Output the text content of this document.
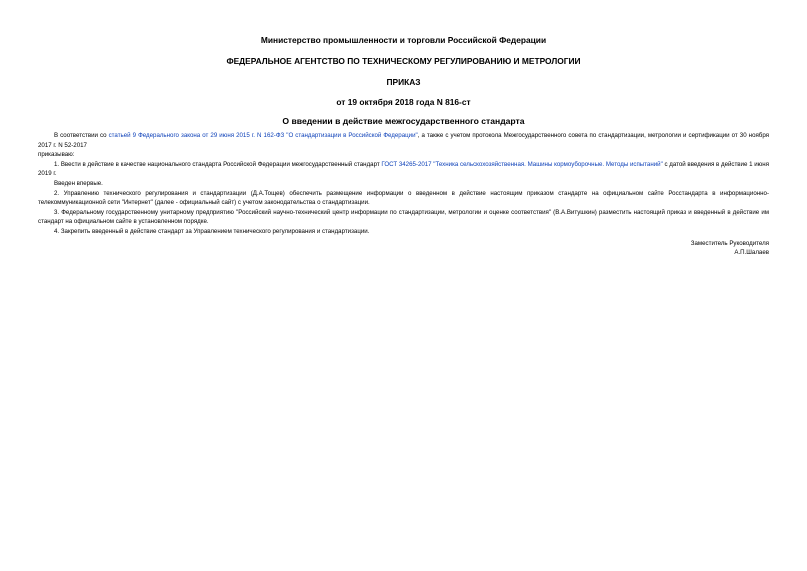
Министерство промышленности и торговли Российской Федерации
ФЕДЕРАЛЬНОЕ АГЕНТСТВО ПО ТЕХНИЧЕСКОМУ РЕГУЛИРОВАНИЮ И МЕТРОЛОГИИ
ПРИКАЗ
от 19 октября 2018 года N 816-ст
О введении в действие межгосударственного стандарта

В соответствии со статьей 9 Федерального закона от 29 июня 2015 г. N 162-ФЗ "О стандартизации в Российской Федерации", а также с учетом протокола Межгосударственного совета по стандартизации, метрологии и сертификации от 30 ноября 2017 г. N 52-2017

приказываю:

1. Ввести в действие в качестве национального стандарта Российской Федерации межгосударственный стандарт ГОСТ 34265-2017 "Техника сельскохозяйственная. Машины кормоуборочные. Методы испытаний" с датой введения в действие 1 июня 2019 г.

Введен впервые.

2. Управлению технического регулирования и стандартизации (Д.А.Тощев) обеспечить размещение информации о введенном в действие настоящим приказом стандарте на официальном сайте Росстандарта в информационно-телекоммуникационной сети "Интернет" (далее - официальный сайт) с учетом законодательства о стандартизации.

3. Федеральному государственному унитарному предприятию "Российский научно-технический центр информации по стандартизации, метрологии и оценке соответствия" (В.А.Витушкин) разместить настоящий приказ и введенный в действие им стандарт на официальном сайте в установленном порядке.

4. Закрепить введенный в действие стандарт за Управлением технического регулирования и стандартизации.

Заместитель Руководителя

А.П.Шалаев
